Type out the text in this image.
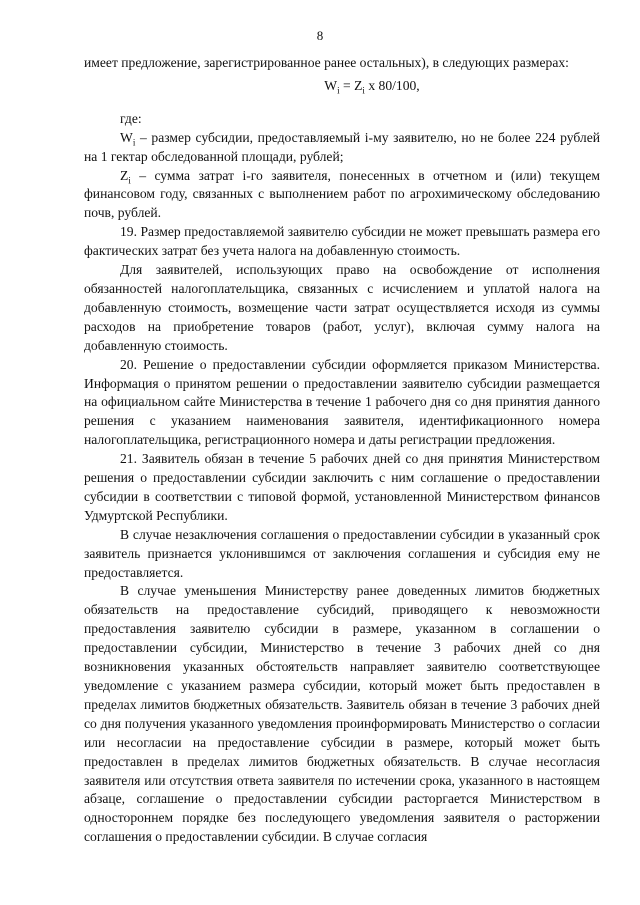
8

имеет предложение, зарегистрированное ранее остальных), в следующих размерах:

$W_i = Z_i$ x 80/100,

где:

$W_i$ – размер субсидии, предоставляемый i-му заявителю, но не более 224 рублей на 1 гектар обследованной площади, рублей;

$Z_i$ – сумма затрат i-го заявителя, понесенных в отчетном и (или) текущем финансовом году, связанных с выполнением работ по агрохимическому обследованию почв, рублей.

19. Размер предоставляемой заявителю субсидии не может превышать размера его фактических затрат без учета налога на добавленную стоимость.

Для заявителей, использующих право на освобождение от исполнения обязанностей налогоплательщика, связанных с исчислением и уплатой налога на добавленную стоимость, возмещение части затрат осуществляется исходя из суммы расходов на приобретение товаров (работ, услуг), включая сумму налога на добавленную стоимость.

20. Решение о предоставлении субсидии оформляется приказом Министерства. Информация о принятом решении о предоставлении заявителю субсидии размещается на официальном сайте Министерства в течение 1 рабочего дня со дня принятия данного решения с указанием наименования заявителя, идентификационного номера налогоплательщика, регистрационного номера и даты регистрации предложения.

21. Заявитель обязан в течение 5 рабочих дней со дня принятия Министерством решения о предоставлении субсидии заключить с ним соглашение о предоставлении субсидии в соответствии с типовой формой, установленной Министерством финансов Удмуртской Республики.

В случае незаключения соглашения о предоставлении субсидии в указанный срок заявитель признается уклонившимся от заключения соглашения и субсидия ему не предоставляется.

В случае уменьшения Министерству ранее доведенных лимитов бюджетных обязательств на предоставление субсидий, приводящего к невозможности предоставления заявителю субсидии в размере, указанном в соглашении о предоставлении субсидии, Министерство в течение 3 рабочих дней со дня возникновения указанных обстоятельств направляет заявителю соответствующее уведомление с указанием размера субсидии, который может быть предоставлен в пределах лимитов бюджетных обязательств. Заявитель обязан в течение 3 рабочих дней со дня получения указанного уведомления проинформировать Министерство о согласии или несогласии на предоставление субсидии в размере, который может быть предоставлен в пределах лимитов бюджетных обязательств. В случае несогласия заявителя или отсутствия ответа заявителя по истечении срока, указанного в настоящем абзаце, соглашение о предоставлении субсидии расторгается Министерством в одностороннем порядке без последующего уведомления заявителя о расторжении соглашения о предоставлении субсидии. В случае согласия
